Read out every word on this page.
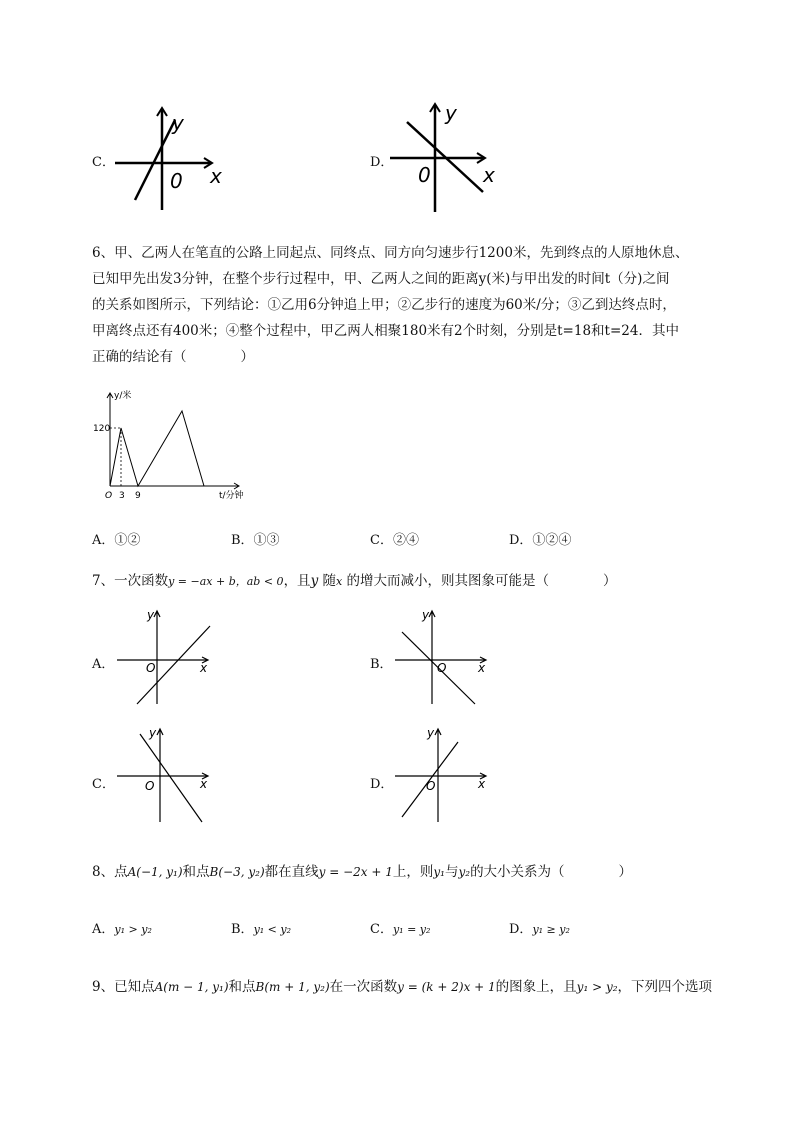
C．
y
x
0
D．
y
x
0
6、甲、乙两人在笔直的公路上同起点、同终点、同方向匀速步行1200米，先到终点的人原地休息、
已知甲先出发3分钟，在整个步行过程中，甲、乙两人之间的距离y(米)与甲出发的时间t（分)之间
的关系如图所示，下列结论：①乙用6分钟追上甲；②乙步行的速度为60米/分；③乙到达终点时，
甲离终点还有400米；④整个过程中，甲乙两人相聚180米有2个时刻，分别是t=18和t=24．其中
正确的结论有（　　　　）
y/米
120
O 3 9	t/分钟
A．①②	B．①③	C．②④	D．①②④
7、一次函数y = −ax + b，ab < 0，且y 随x 的增大而减小，则其图象可能是（　　　　）
A．
y
x
O	B．
y
x
O
C．
y
x
O	D．
y
x
O
8、点A(−1, y₁)和点B(−3, y₂)都在直线y = −2x + 1上，则y₁与y₂的大小关系为（　　　　）
A．y₁ > y₂	B．y₁ < y₂	C．y₁ = y₂	D．y₁ ≥ y₂
9、已知点A(m − 1, y₁)和点B(m + 1, y₂)在一次函数y = (k + 2)x + 1的图象上，且y₁ > y₂，下列四个选项
